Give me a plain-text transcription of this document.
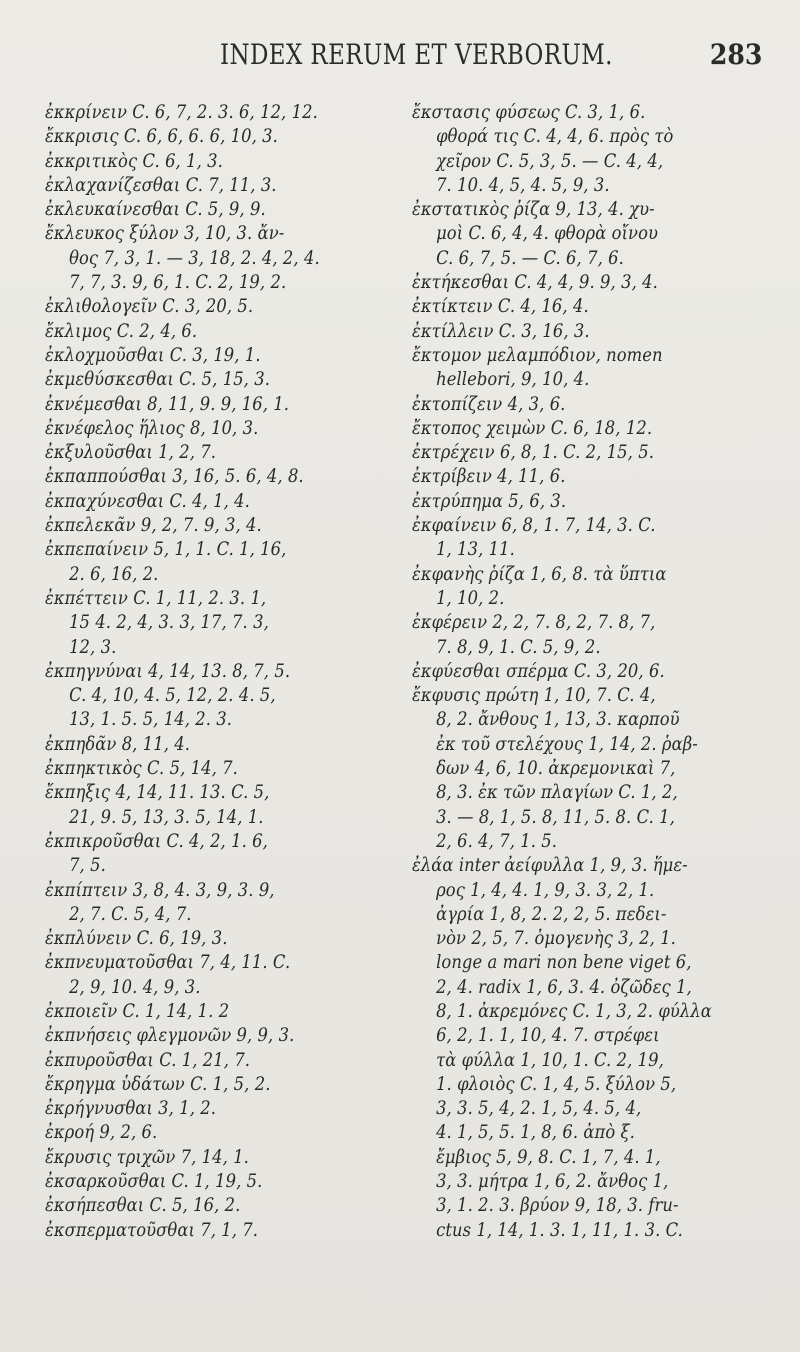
INDEX RERUM ET VERBORUM.	283
ἐκκρίνειν C. 6, 7, 2. 3. 6, 12, 12.
ἔκκρισις C. 6, 6, 6. 6, 10, 3.
ἐκκριτικὸς C. 6, 1, 3.
ἐκλαχανίζεσθαι C. 7, 11, 3.
ἐκλευκαίνεσθαι C. 5, 9, 9.
ἔκλευκος ξύλον 3, 10, 3. ἄν-
θος 7, 3, 1. — 3, 18, 2. 4, 2, 4.
7, 7, 3. 9, 6, 1. C. 2, 19, 2.
ἐκλιθολογεῖν C. 3, 20, 5.
ἔκλιμος C. 2, 4, 6.
ἐκλοχμοῦσθαι C. 3, 19, 1.
ἐκμεθύσκεσθαι C. 5, 15, 3.
ἐκνέμεσθαι 8, 11, 9. 9, 16, 1.
ἐκνέφελος ἥλιος 8, 10, 3.
ἐκξυλοῦσθαι 1, 2, 7.
ἐκπαππούσθαι 3, 16, 5. 6, 4, 8.
ἐκπαχύνεσθαι C. 4, 1, 4.
ἐκπελεκᾶν 9, 2, 7. 9, 3, 4.
ἐκπεπαίνειν 5, 1, 1. C. 1, 16,
2. 6, 16, 2.
ἐκπέττειν C. 1, 11, 2. 3. 1,
15 4. 2, 4, 3. 3, 17, 7. 3,
12, 3.
ἐκπηγνύναι 4, 14, 13. 8, 7, 5.
C. 4, 10, 4. 5, 12, 2. 4. 5,
13, 1. 5. 5, 14, 2. 3.
ἐκπηδᾶν 8, 11, 4.
ἐκπηκτικὸς C. 5, 14, 7.
ἔκπηξις 4, 14, 11. 13. C. 5,
21, 9. 5, 13, 3. 5, 14, 1.
ἐκπικροῦσθαι C. 4, 2, 1. 6,
7, 5.
ἐκπίπτειν 3, 8, 4. 3, 9, 3. 9,
2, 7. C. 5, 4, 7.
ἐκπλύνειν C. 6, 19, 3.
ἐκπνευματοῦσθαι 7, 4, 11. C.
2, 9, 10. 4, 9, 3.
ἐκποιεῖν C. 1, 14, 1. 2
ἐκπνήσεις φλεγμονῶν 9, 9, 3.
ἐκπυροῦσθαι C. 1, 21, 7.
ἔκρηγμα ὑδάτων C. 1, 5, 2.
ἐκρήγνυσθαι 3, 1, 2.
ἐκροή 9, 2, 6.
ἔκρυσις τριχῶν 7, 14, 1.
ἐκσαρκοῦσθαι C. 1, 19, 5.
ἐκσήπεσθαι C. 5, 16, 2.
ἐκσπερματοῦσθαι 7, 1, 7.
ἔκστασις φύσεως C. 3, 1, 6.
φθορά τις C. 4, 4, 6. πρὸς τὸ
χεῖρον C. 5, 3, 5. — C. 4, 4,
7. 10. 4, 5, 4. 5, 9, 3.
ἐκστατικὸς ῥίζα 9, 13, 4. χυ-
μοὶ C. 6, 4, 4. φθορὰ οἴνου
C. 6, 7, 5. — C. 6, 7, 6.
ἐκτήκεσθαι C. 4, 4, 9. 9, 3, 4.
ἐκτίκτειν C. 4, 16, 4.
ἐκτίλλειν C. 3, 16, 3.
ἔκτομον μελαμπόδιον, nomen
hellebori, 9, 10, 4.
ἐκτοπίζειν 4, 3, 6.
ἔκτοπος χειμὼν C. 6, 18, 12.
ἐκτρέχειν 6, 8, 1. C. 2, 15, 5.
ἐκτρίβειν 4, 11, 6.
ἐκτρύπημα 5, 6, 3.
ἐκφαίνειν 6, 8, 1. 7, 14, 3. C.
1, 13, 11.
ἐκφανὴς ῥίζα 1, 6, 8. τὰ ὕπτια
1, 10, 2.
ἐκφέρειν 2, 2, 7. 8, 2, 7. 8, 7,
7. 8, 9, 1. C. 5, 9, 2.
ἐκφύεσθαι σπέρμα C. 3, 20, 6.
ἔκφυσις πρώτη 1, 10, 7. C. 4,
8, 2. ἄνθους 1, 13, 3. καρποῦ
ἐκ τοῦ στελέχους 1, 14, 2. ῥαβ-
δων 4, 6, 10. ἀκρεμονικαὶ 7,
8, 3. ἐκ τῶν πλαγίων C. 1, 2,
3. — 8, 1, 5. 8, 11, 5. 8. C. 1,
2, 6. 4, 7, 1. 5.
ἐλάα inter ἀείφυλλα 1, 9, 3. ἥμε-
ρος 1, 4, 4. 1, 9, 3. 3, 2, 1.
ἀγρία 1, 8, 2. 2, 2, 5. πεδει-
νὸν 2, 5, 7. ὁμογενὴς 3, 2, 1.
longe a mari non bene viget 6,
2, 4. radix 1, 6, 3. 4. ὀζῶδες 1,
8, 1. ἀκρεμόνες C. 1, 3, 2. φύλλα
6, 2, 1. 1, 10, 4. 7. στρέφει
τὰ φύλλα 1, 10, 1. C. 2, 19,
1. φλοιὸς C. 1, 4, 5. ξύλον 5,
3, 3. 5, 4, 2. 1, 5, 4. 5, 4,
4. 1, 5, 5. 1, 8, 6. ἀπὸ ξ.
ἔμβιος 5, 9, 8. C. 1, 7, 4. 1,
3, 3. μήτρα 1, 6, 2. ἄνθος 1,
3, 1. 2. 3. βρύον 9, 18, 3. fru-
ctus 1, 14, 1. 3. 1, 11, 1. 3. C.
